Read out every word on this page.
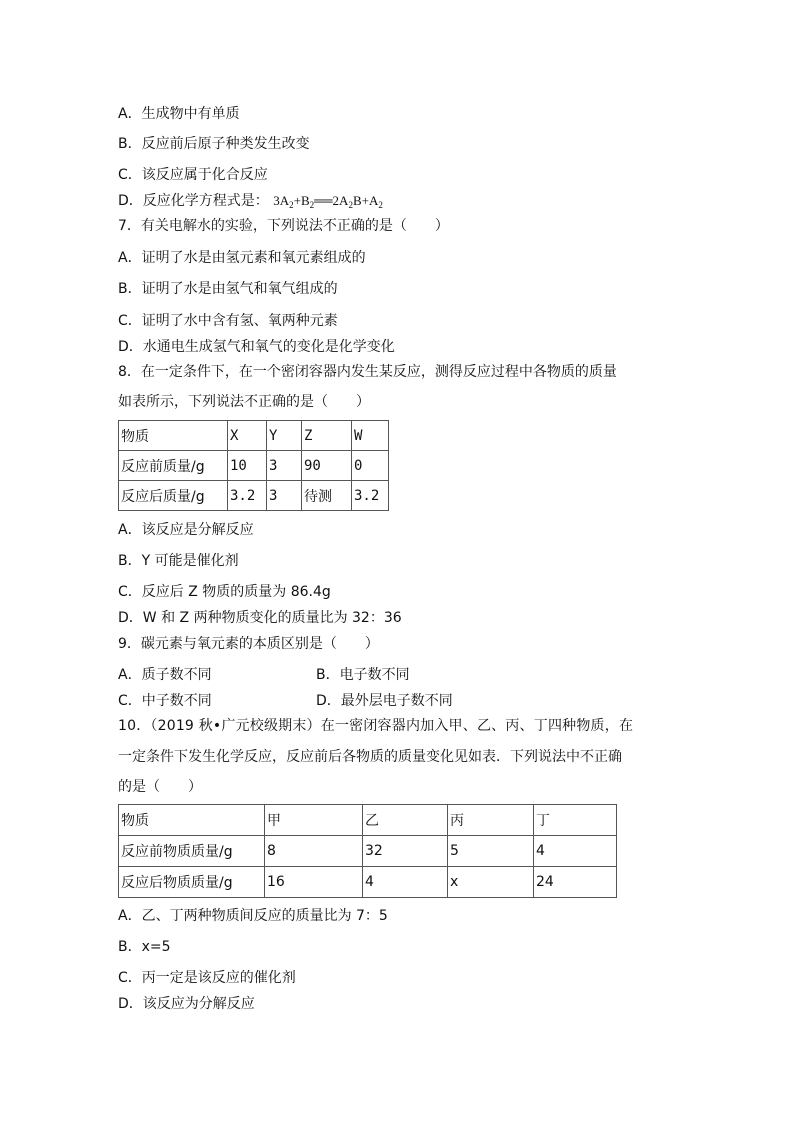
A．生成物中有单质
B．反应前后原子种类发生改变
C．该反应属于化合反应
D．反应化学方程式是： $3A_2+B_2══2A_2B+A_2$
7．有关电解水的实验，下列说法不正确的是（　　）
A．证明了水是由氢元素和氧元素组成的
B．证明了水是由氢气和氧气组成的
C．证明了水中含有氢、氧两种元素
D．水通电生成氢气和氧气的变化是化学变化
8．在一定条件下，在一个密闭容器内发生某反应，测得反应过程中各物质的质量
如表所示，下列说法不正确的是（　　）
物质	X	Y	Z	W
反应前质量/g	10	3	90	0
反应后质量/g	3.2	3	待测	3.2
A．该反应是分解反应
B．Y 可能是催化剂
C．反应后 Z 物质的质量为 86.4g
D．W 和 Z 两种物质变化的质量比为 32：36
9．碳元素与氧元素的本质区别是（　　）
A．质子数不同	B．电子数不同
C．中子数不同	D．最外层电子数不同
10．（2019 秋•广元校级期末）在一密闭容器内加入甲、乙、丙、丁四种物质，在
一定条件下发生化学反应，反应前后各物质的质量变化见如表．下列说法中不正确
的是（　　）
物质	甲	乙	丙	丁
反应前物质质量/g	8	32	5	4
反应后物质质量/g	16	4	x	24
A．乙、丁两种物质间反应的质量比为 7：5
B．x=5
C．丙一定是该反应的催化剂
D．该反应为分解反应
